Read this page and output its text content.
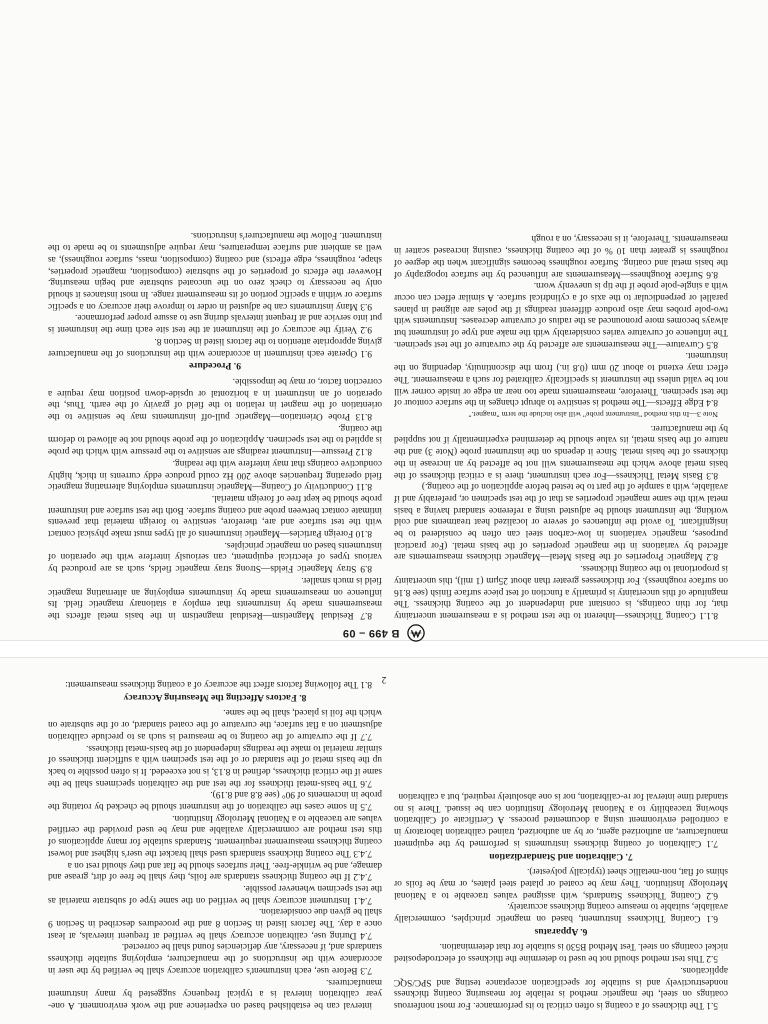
5.1 The thickness of a coating is often critical to its performance. For most nonferrous coatings on steel, the magnetic method is reliable for measuring coating thickness nondestructively and is suitable for specification acceptance testing and SPC/SQC applications.

5.2 This test method should not be used to determine the thickness of electrodeposited nickel coatings on steel. Test Method B530 is suitable for that determination.

6. Apparatus

6.1 Coating Thickness Instrument, based on magnetic principles, commercially available, suitable to measure coating thickness accurately.

6.2 Coating Thickness Standards, with assigned values traceable to a National Metrology Institution. They may be coated or plated steel plates, or may be foils or shims of flat, non-metallic sheet (typically polyester).

7. Calibration and Standardization

7.1 Calibration of coating thickness instruments is performed by the equipment manufacturer, an authorized agent, or by an authorized, trained calibration laboratory in a controlled environment using a documented process. A Certificate of Calibration showing traceability to a National Metrology Institution can be issued. There is no standard time interval for re-calibration, nor is one absolutely required, but a calibration

interval can be established based on experience and the work environment. A one-year calibration interval is a typical frequency suggested by many instrument manufacturers.

7.3 Before use, each instrument's calibration accuracy shall be verified by the user in accordance with the instructions of the manufacturer, employing suitable thickness standards and, if necessary, any deficiencies found shall be corrected.

7.4 During use, calibration accuracy shall be verified at frequent intervals, at least once a day. The factors listed in Section 8 and the procedures described in Section 9 shall be given due consideration.

7.4.1 Instrument accuracy shall be verified on the same type of substrate material as the test specimen whenever possible.

7.4.2 If the coating thickness standards are foils, they shall be free of dirt, grease and damage, and be wrinkle-free. Their surfaces should be flat and they should rest on a

7.4.3 The coating thickness standards used shall bracket the user's highest and lowest coating thickness measurement requirement. Standards suitable for many applications of this test method are commercially available and may be used provided the certified values are traceable to a National Metrology Institution.

7.5 In some cases the calibration of the instrument should be checked by rotating the probe in increments of 90° (see 8.8 and 8.19).

7.6 The basis-metal thickness for the test and the calibration specimens shall be the same if the critical thickness, defined in 8.13, is not exceeded. It is often possible to back up the basis metal of the standard or of the test specimen with a sufficient thickness of similar material to make the readings independent of the basis-metal thickness.

7.7 If the curvature of the coating to be measured is such as to preclude calibration adjustment on a flat surface, the curvature of the coated standard, or of the substrate on which the foil is placed, shall be the same.

8. Factors Affecting the Measuring Accuracy

8.1 The following factors affect the accuracy of a coating thickness measurement:

2
B 499 – 09

8.1.1 Coating Thickness—Inherent to the test method is a measurement uncertainty that, for thin coatings, is constant and independent of the coating thickness. The magnitude of this uncertainty is primarily a function of test piece surface finish (see 8.16 on surface roughness). For thicknesses greater than about 25μm (1 mil), this uncertainty is proportional to the coating thickness.

8.2 Magnetic Properties of the Basis Metal—Magnetic thickness measurements are affected by variations in the magnetic properties of the basis metal. (For practical purposes, magnetic variations in low-carbon steel can often be considered to be insignificant. To avoid the influences of severe or localized heat treatments and cold working, the instrument should be adjusted using a reference standard having a basis metal with the same magnetic properties as that of the test specimen or, preferably and if available, with a sample of the part to be tested before application of the coating.)

8.3 Basis Metal Thickness—For each instrument, there is a critical thickness of the basis metal above which the measurements will not be affected by an increase in the thickness of the basis metal. Since it depends on the instrument probe (Note 3) and the nature of the basis metal, its value should be determined experimentally if not supplied by the manufacturer.

Note 3—In this method "instrument probe" will also include the term "magnet."

8.4 Edge Effects—The method is sensitive to abrupt changes in the surface contour of the test specimen. Therefore, measurements made too near an edge or inside corner will not be valid unless the instrument is specifically calibrated for such a measurement. The effect may extend to about 20 mm (0.8 in.) from the discontinuity, depending on the instrument.

8.5 Curvature—The measurements are affected by the curvature of the test specimen. The influence of curvature varies considerably with the make and type of instrument but always becomes more pronounced as the radius of curvature decreases. Instruments with two-pole probes may also produce different readings if the poles are aligned in planes parallel or perpendicular to the axis of a cylindrical surface. A similar effect can occur with a single-pole probe if the tip is unevenly worn.

8.6 Surface Roughness—Measurements are influenced by the surface topography of the basis metal and coating. Surface roughness becomes significant when the degree of roughness is greater than 10 % of the coating thickness, causing increased scatter in measurements. Therefore, it is necessary, on a rough

8.7 Residual Magnetism—Residual magnetism in the basis metal affects the measurements made by instruments that employ a stationary magnetic field. Its influence on measurements made by instruments employing an alternating magnetic field is much smaller.

8.9 Stray Magnetic Fields—Strong stray magnetic fields, such as are produced by various types of electrical equipment, can seriously interfere with the operation of instruments based on magnetic principles.

8.10 Foreign Particles—Magnetic instruments of all types must make physical contact with the test surface and are, therefore, sensitive to foreign material that prevents intimate contact between probe and coating surface. Both the test surface and instrument probe should be kept free of foreign material.

8.11 Conductivity of Coating—Magnetic instruments employing alternating magnetic field operating frequencies above 200 Hz could produce eddy currents in thick, highly conductive coatings that may interfere with the reading.

8.12 Pressure—Instrument readings are sensitive to the pressure with which the probe is applied to the test specimen. Application of the probe should not be allowed to deform the coating.

8.13 Probe Orientation—Magnetic pull-off instruments may be sensitive to the orientation of the magnet in relation to the field of gravity of the earth. Thus, the operation of an instrument in a horizontal or upside-down position may require a correction factor, or may be impossible.

9. Procedure

9.1 Operate each instrument in accordance with the instructions of the manufacturer giving appropriate attention to the factors listed in Section 8.

9.2 Verify the accuracy of the instrument at the test site each time the instrument is put into service and at frequent intervals during use to assure proper performance.

9.3 Many instruments can be adjusted in order to improve their accuracy on a specific surface or within a specific portion of its measurement range. In most instances it should only be necessary to check zero on the uncoated substrate and begin measuring. However the effects of properties of the substrate (composition, magnetic properties, shape, roughness, edge effects) and coating (composition, mass, surface roughness), as well as ambient and surface temperatures, may require adjustments to be made to the instrument. Follow the manufacturer's instructions.
